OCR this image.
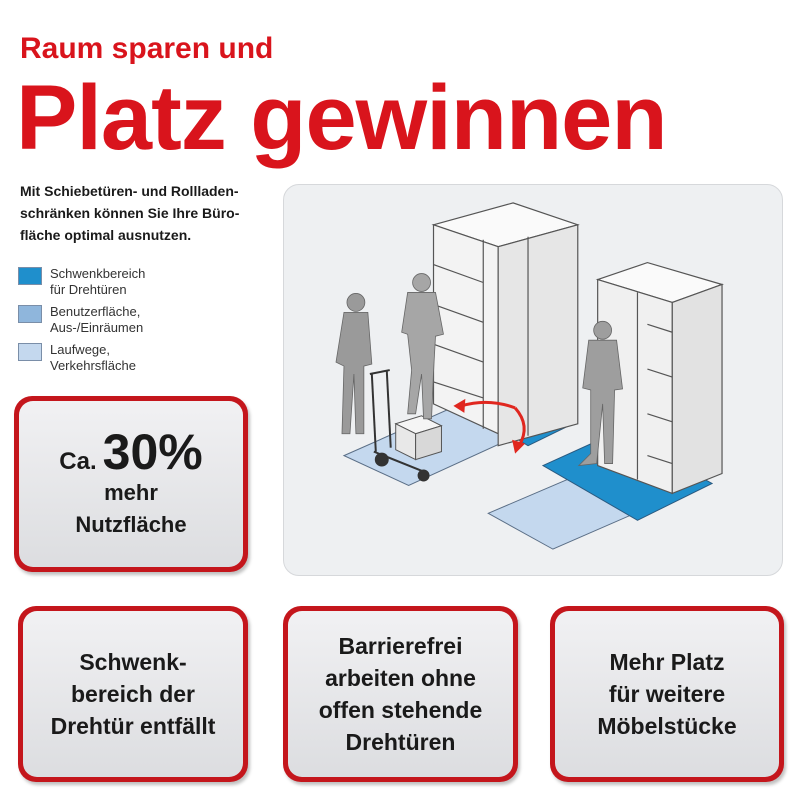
Raum sparen und
Platz gewinnen
Mit Schiebetüren- und Rollladen-
schränken können Sie Ihre Büro-
fläche optimal ausnutzen.
Schwenkbereich
für Drehtüren
Benutzerfläche,
Aus-/Einräumen
Laufwege,
Verkehrsfläche
Ca. 30%
mehr
Nutzfläche
Schwenk-
bereich der
Drehtür entfällt
Barrierefrei
arbeiten ohne
offen stehende
Drehtüren
Mehr Platz
für weitere
Möbelstücke
